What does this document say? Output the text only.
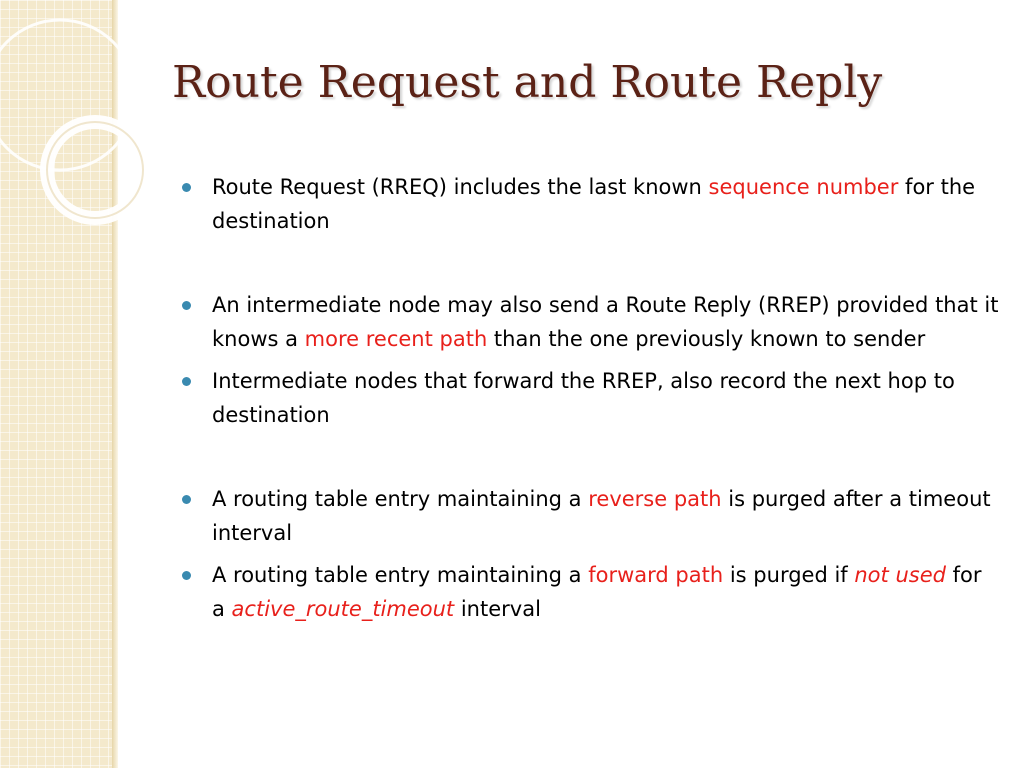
Route Request and Route Reply
Route Request (RREQ) includes the last known sequence number for the destination
An intermediate node may also send a Route Reply (RREP) provided that it knows a more recent path than the one previously known to sender
Intermediate nodes that forward the RREP, also record the next hop to destination
A routing table entry maintaining a reverse path is purged after a timeout interval
A routing table entry maintaining a forward path is purged if not used for a active_route_timeout interval
